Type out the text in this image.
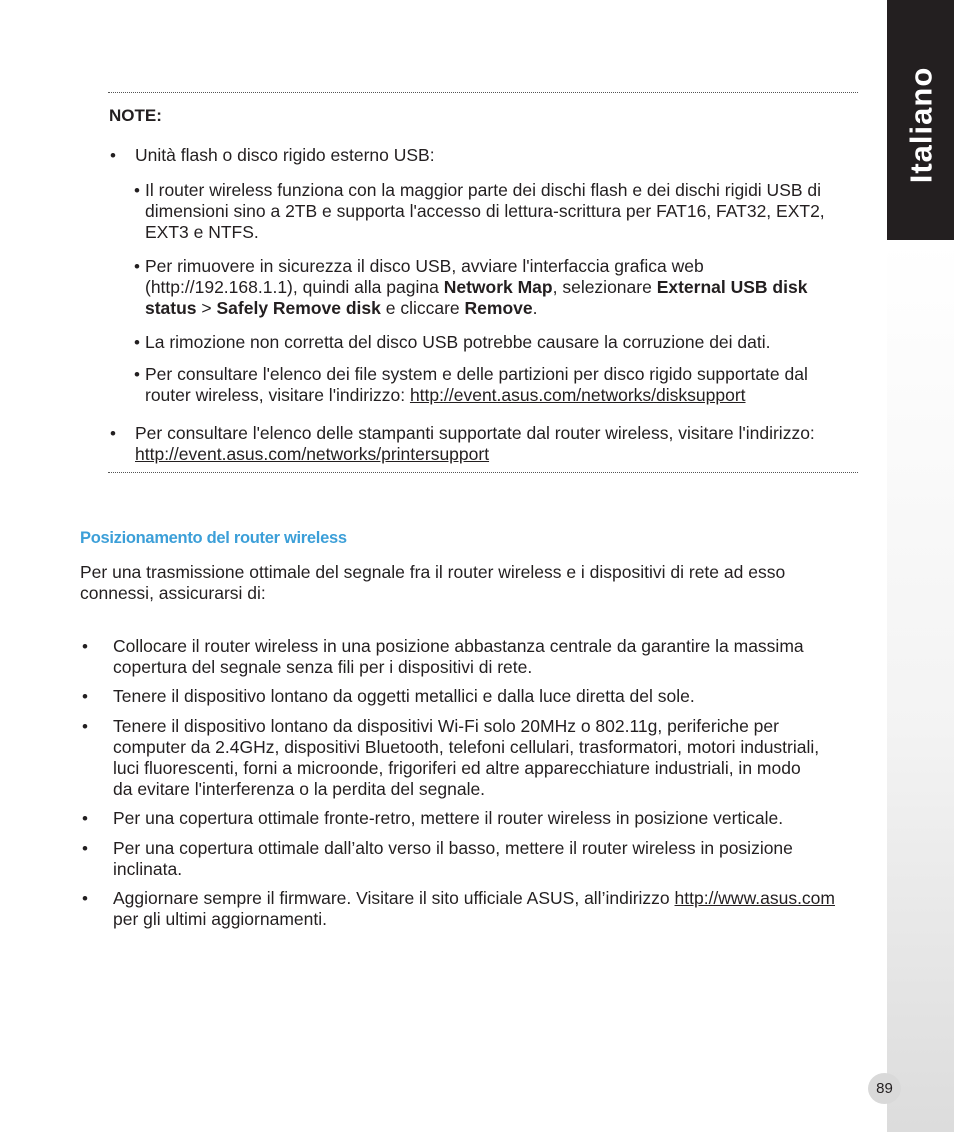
Italiano
NOTE:
• Unità flash o disco rigido esterno USB:
• Il router wireless funziona con la maggior parte dei dischi flash e dei dischi rigidi USB di dimensioni sino a 2TB e supporta l'accesso di lettura-scrittura per FAT16, FAT32, EXT2, EXT3 e NTFS.
• Per rimuovere in sicurezza il disco USB, avviare l'interfaccia grafica web (http://192.168.1.1), quindi alla pagina Network Map, selezionare External USB disk status > Safely Remove disk e cliccare Remove.
• La rimozione non corretta del disco USB potrebbe causare la corruzione dei dati.
• Per consultare l'elenco dei file system e delle partizioni per disco rigido supportate dal router wireless, visitare l'indirizzo: http://event.asus.com/networks/disksupport
• Per consultare l'elenco delle stampanti supportate dal router wireless, visitare l'indirizzo: http://event.asus.com/networks/printersupport
Posizionamento del router wireless
Per una trasmissione ottimale del segnale fra il router wireless e i dispositivi di rete ad esso connessi, assicurarsi di:
• Collocare il router wireless in una posizione abbastanza centrale da garantire la massima copertura del segnale senza fili per i dispositivi di rete.
• Tenere il dispositivo lontano da oggetti metallici e dalla luce diretta del sole.
• Tenere il dispositivo lontano da dispositivi Wi-Fi solo 20MHz o 802.11g, periferiche per computer da 2.4GHz, dispositivi Bluetooth, telefoni cellulari, trasformatori, motori industriali, luci fluorescenti, forni a microonde, frigoriferi ed altre apparecchiature industriali, in modo da evitare l'interferenza o la perdita del segnale.
• Per una copertura ottimale fronte-retro, mettere il router wireless in posizione verticale.
• Per una copertura ottimale dall’alto verso il basso, mettere il router wireless in posizione inclinata.
• Aggiornare sempre il firmware. Visitare il sito ufficiale ASUS, all’indirizzo http://www.asus.com per gli ultimi aggiornamenti.
89
